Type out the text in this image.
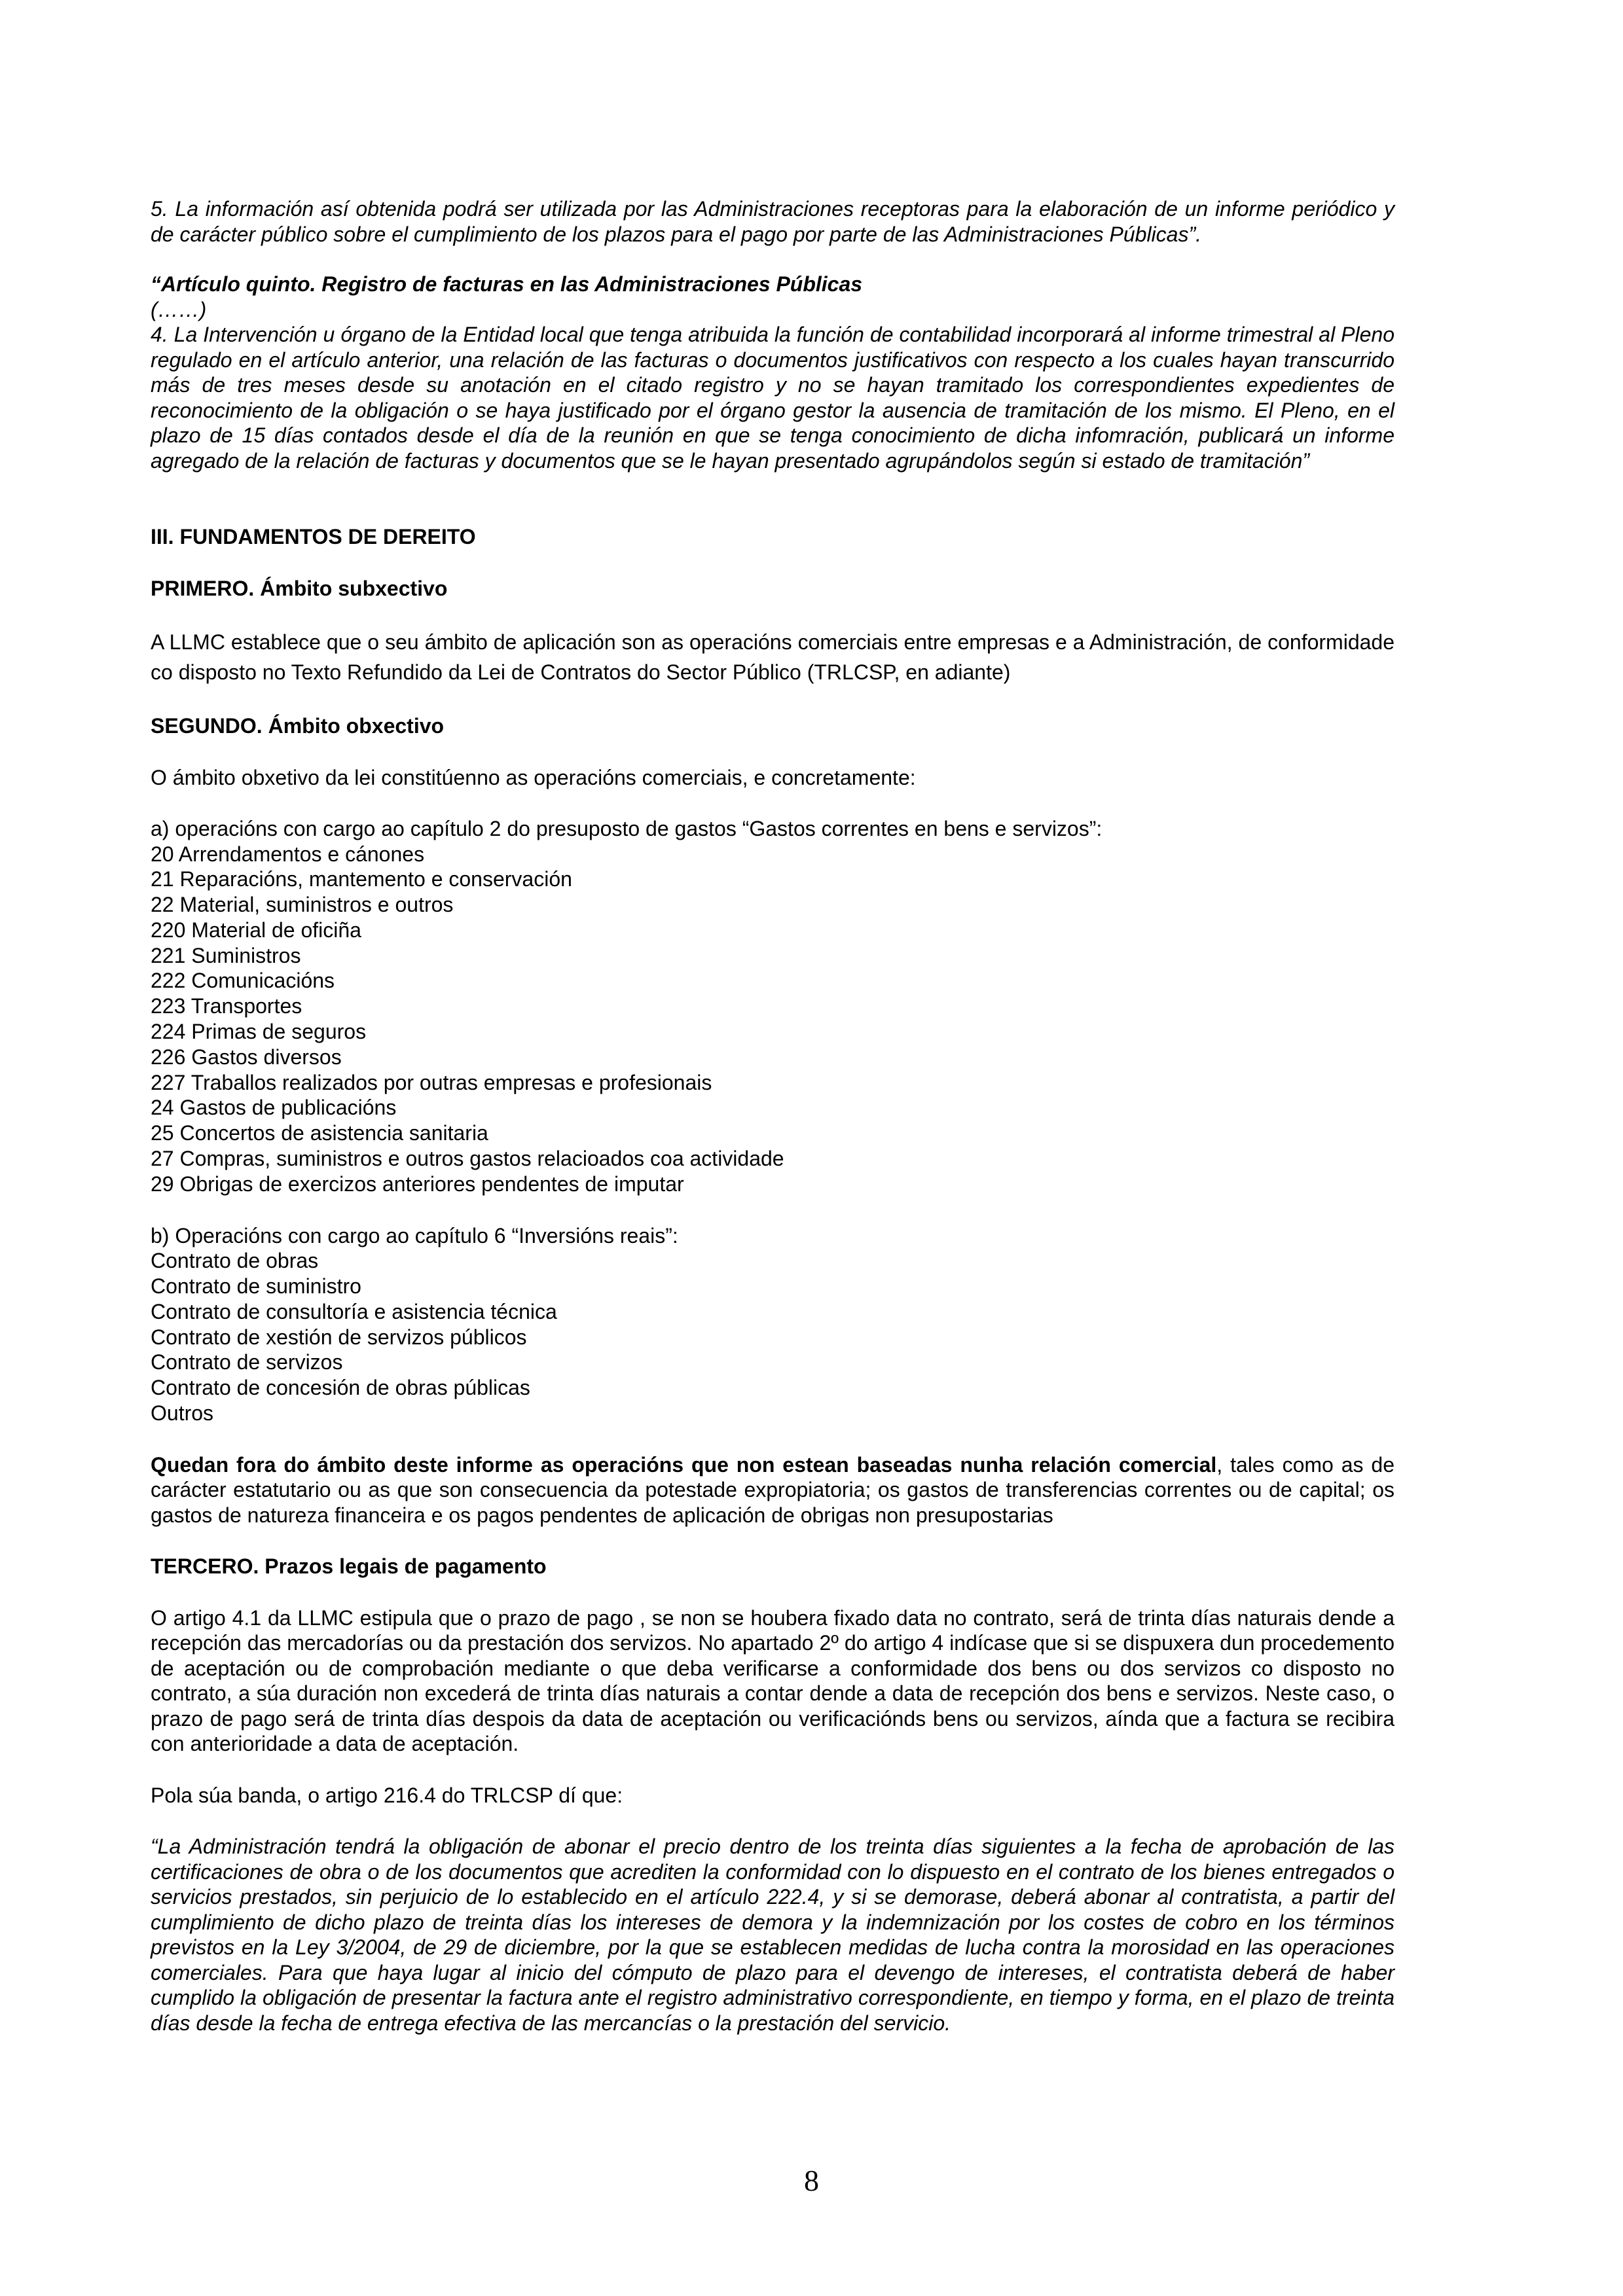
5. La información así obtenida podrá ser utilizada por las Administraciones receptoras para la elaboración de un informe periódico y de carácter público sobre el cumplimiento de los plazos para el pago por parte de las Administraciones Públicas”.

“Artículo quinto. Registro de facturas en las Administraciones Públicas

(……)

4. La Intervención u órgano de la Entidad local que tenga atribuida la función de contabilidad incorporará al informe trimestral al Pleno regulado en el artículo anterior, una relación de las facturas o documentos justificativos con respecto a los cuales hayan transcurrido más de tres meses desde su anotación en el citado registro y no se hayan tramitado los correspondientes expedientes de reconocimiento de la obligación o se haya justificado por el órgano gestor la ausencia de tramitación de los mismo. El Pleno, en el plazo de 15 días contados desde el día de la reunión en que se tenga conocimiento de dicha infomración, publicará un informe agregado de la relación de facturas y documentos que se le hayan presentado agrupándolos según si estado de tramitación”

III. FUNDAMENTOS DE DEREITO

PRIMERO. Ámbito subxectivo

A LLMC establece que o seu ámbito de aplicación son as operacións comerciais entre empresas e a Administración, de conformidade co disposto no Texto Refundido da Lei de Contratos do Sector Público (TRLCSP, en adiante)

SEGUNDO. Ámbito obxectivo

O ámbito obxetivo da lei constitúenno as operacións comerciais, e concretamente:

a) operacións con cargo ao capítulo 2 do presuposto de gastos “Gastos correntes en bens e servizos”:

20 Arrendamentos e cánones
21 Reparacións, mantemento e conservación
22 Material, suministros e outros
220 Material de oficiña
221 Suministros
222 Comunicacións
223 Transportes
224 Primas de seguros
226 Gastos diversos
227 Traballos realizados por outras empresas e profesionais
24 Gastos de publicacións
25 Concertos de asistencia sanitaria
27 Compras, suministros e outros gastos relacioados coa actividade
29 Obrigas de exercizos anteriores pendentes de imputar

b) Operacións con cargo ao capítulo 6 “Inversións reais”:

Contrato de obras
Contrato de suministro
Contrato de consultoría e asistencia técnica
Contrato de xestión de servizos públicos
Contrato de servizos
Contrato de concesión de obras públicas
Outros

Quedan fora do ámbito deste informe as operacións que non estean baseadas nunha relación comercial, tales como as de carácter estatutario ou as que son consecuencia da potestade expropiatoria; os gastos de transferencias correntes ou de capital; os gastos de natureza financeira e os pagos pendentes de aplicación de obrigas non presupostarias

TERCERO. Prazos legais de pagamento

O artigo 4.1 da LLMC estipula que o prazo de pago , se non se houbera fixado data no contrato, será de trinta días naturais dende a recepción das mercadorías ou da prestación dos servizos. No apartado 2º do artigo 4 indícase que si se dispuxera dun procedemento de aceptación ou de comprobación mediante o que deba verificarse a conformidade dos bens ou dos servizos co disposto no contrato, a súa duración non excederá de trinta días naturais a contar dende a data de recepción dos bens e servizos. Neste caso, o prazo de pago será de trinta días despois da data de aceptación ou verificaciónds bens ou servizos, aínda que a factura se recibira con anterioridade a data de aceptación.

Pola súa banda, o artigo 216.4 do TRLCSP dí que:

“La Administración tendrá la obligación de abonar el precio dentro de los treinta días siguientes a la fecha de aprobación de las certificaciones de obra o de los documentos que acrediten la conformidad con lo dispuesto en el contrato de los bienes entregados o servicios prestados, sin perjuicio de lo establecido en el artículo 222.4, y si se demorase, deberá abonar al contratista, a partir del cumplimiento de dicho plazo de treinta días los intereses de demora y la indemnización por los costes de cobro en los términos previstos en la Ley 3/2004, de 29 de diciembre, por la que se establecen medidas de lucha contra la morosidad en las operaciones comerciales. Para que haya lugar al inicio del cómputo de plazo para el devengo de intereses, el contratista deberá de haber cumplido la obligación de presentar la factura ante el registro administrativo correspondiente, en tiempo y forma, en el plazo de treinta días desde la fecha de entrega efectiva de las mercancías o la prestación del servicio.

8
